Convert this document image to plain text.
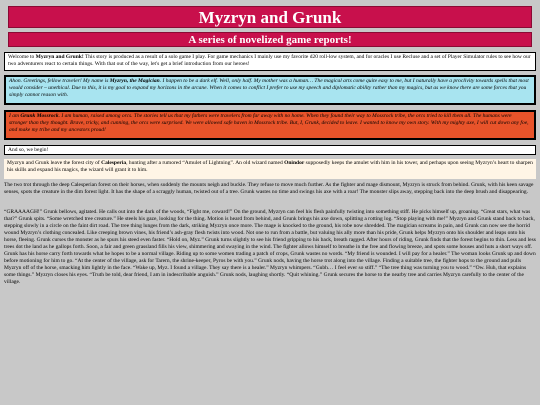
Myzryn and Grunk
A series of novelized game reports!
Welcome to Myzryn and Grunk! This story is produced as a result of a solo game I play. For game mechanics I mainly use my favorite d20 roll-low system, and for oracles I use Recluse and a set of Player Simulator rules to see how our two adventurers react to certain things. With that out of the way, let's get a brief introduction from our heroes!
Ahon. Greetings, fellow traveler! My name is Myzryn, the Magician. I happen to be a dark elf. Well, only half. My mother was a human… The magical arts come quite easy to me, but I naturally have a proclivity towards spells that most would consider – unethical. Due to this, it is my goal to expand my horizons in the arcane. When it comes to conflict I prefer to use my speech and diplomatic ability rather than my magics, but as we know there are some forces that you simply cannot reason with.
I am Grunk Mossrock. I am human, raised among orcs. The stories tell us that my fathers were travelers from far away with no home. When they found their way to Mossrock tribe, the orcs tried to kill them all. The humans were stronger than they thought. Brave, tricky, and cunning, the orcs were surprised. We were allowed safe haven in Mossrock tribe. But, I, Grunk, decided to leave. I wanted to know my own story. With my mighty axe, I will cut down any foe, and make my tribe and my ancestors proud!
And so, we begin!
Myzryn and Grunk leave the forest city of Calesperia, hunting after a rumored “Amulet of Lightning”. An old wizard named Onindor supposedly keeps the amulet with him in his tower, and perhaps upon seeing Myzryn’s heart to sharpen his skills and expand his magics, the wizard will grant it to him.
The two trot through the deep Calesperian forest on their horses, when suddenly the mounts neigh and buckle. They refuse to move much further. As the fighter and mage dismount, Myzryn is struck from behind. Grunk, with his keen savage senses, spots the creature in the dim forest light. It has the shape of a scraggly human, twisted out of a tree. Grunk wastes no time and swings his axe with a roar! The monster slips away, stepping back into the deep brush and disappearing.
“GRAAAAGH!” Grunk bellows, agitated. He calls out into the dark of the woods, “Fight me, coward!” On the ground, Myzryn can feel his flesh painfully twisting into something stiff. He picks himself up, groaning. “Great stars, what was that?” Grunk spits. “Some wretched tree creature.” He steels his gaze, looking for the thing. Motion is heard from behind, and Grunk brings his axe down, splitting a rotting log. “Stop playing with me!” Myzryn and Grunk stand back to back, stepping slowly in a circle on the faint dirt road. The tree thing lunges from the dark, striking Myzryn once more. The mage is knocked to the ground, his robe now shredded. The magician screams in pain, and Grunk can now see the horrid wound Myzryn’s clothing concealed. Like creeping brown vines, his friend’s ash-gray flesh twists into wood. Not one to run from a battle, but valuing his ally more than his pride, Grunk helps Myzryn onto his shoulder and leaps onto his horse, fleeing. Grunk curses the monster as he spurs his steed even faster. “Hold on, Myz.” Grunk turns slightly to see his friend gripping to his back, breath ragged. After hours of riding, Grunk finds that the forest begins to thin. Less and less trees dot the land as he gallops forth. Soon, a fair and green grassland fills his view, shimmering and swaying in the wind. The fighter allows himself to breathe in the free and flowing breeze, and spots some houses and huts a short ways off. Grunk has his horse carry forth towards what he hopes to be a normal village. Riding up to some women trading a patch of crops, Grunk wastes no words. “My friend is wounded. I will pay for a healer.” The woman looks Grunk up and down before motioning for him to go. “At the center of the village, ask for Tarern, the shrine-keeper, Pyros be with you.” Grunk nods, having the horse trot along into the village. Finding a suitable tree, the fighter hops to the ground and pulls Myzryn off of the horse, smacking him lightly in the face. “Wake up, Myz. I found a village. They say there is a healer.” Myzryn whimpers. “Gubh… I feel ever so stiff.” “The tree thing was turning you to wood.” “Ow. Huh, that explains some things.” Myzryn closes his eyes. “Truth be told, dear friend, I am in indescribable anguish.” Grunk nods, laughing shortly. “Quit whining.” Grunk secures the horse to the nearby tree and carries Myzryn carefully to the center of the village.
